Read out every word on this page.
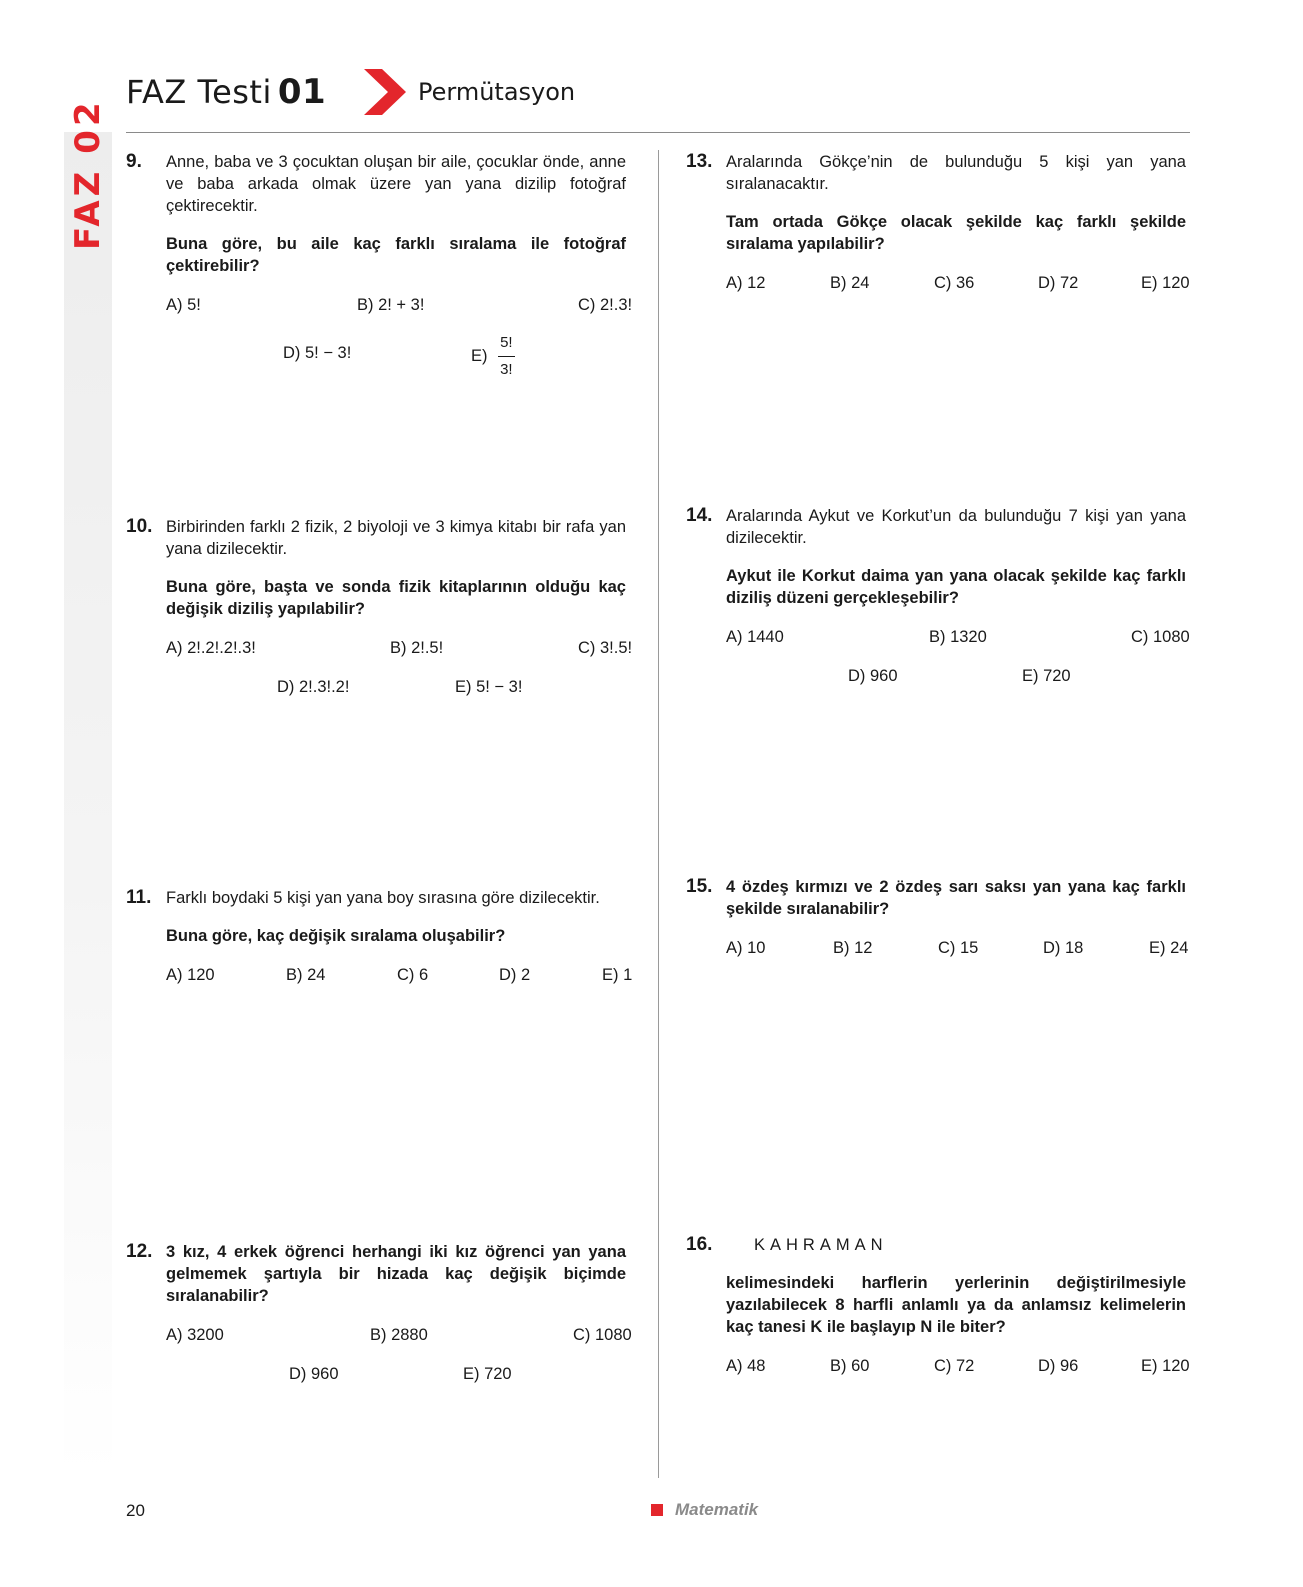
FAZ02
FAZ Testi 01	Permütasyon
9. Anne, baba ve 3 çocuktan oluşan bir aile, çocuklar önde, anne ve baba arkada olmak üzere yan yana dizilip fotoğraf çektirecektir.

Buna göre, bu aile kaç farklı sıralama ile fotoğraf çektirebilir?

A) 5!	B) 2! + 3!	C) 2!.3!
D) 5! − 3!	$E) \frac{5!}{3!}$
10. Birbirinden farklı 2 fizik, 2 biyoloji ve 3 kimya kitabı bir rafa yan yana dizilecektir.

Buna göre, başta ve sonda fizik kitaplarının olduğu kaç değişik diziliş yapılabilir?

A) 2!.2!.2!.3!	B) 2!.5!	C) 3!.5!
D) 2!.3!.2!	E) 5! − 3!
11. Farklı boydaki 5 kişi yan yana boy sırasına göre dizilecektir.

Buna göre, kaç değişik sıralama oluşabilir?

A) 120	B) 24	C) 6	D) 2	E) 1
12. 3 kız, 4 erkek öğrenci herhangi iki kız öğrenci yan yana gelmemek şartıyla bir hizada kaç değişik biçimde sıralanabilir?

A) 3200	B) 2880	C) 1080
D) 960	E) 720
13. Aralarında Gökçe’nin de bulunduğu 5 kişi yan yana sıralanacaktır.

Tam ortada Gökçe olacak şekilde kaç farklı şekilde sıralama yapılabilir?

A) 12	B) 24	C) 36	D) 72	E) 120
14. Aralarında Aykut ve Korkut’un da bulunduğu 7 kişi yan yana dizilecektir.

Aykut ile Korkut daima yan yana olacak şekilde kaç farklı diziliş düzeni gerçekleşebilir?

A) 1440	B) 1320	C) 1080
D) 960	E) 720
15. 4 özdeş kırmızı ve 2 özdeş sarı saksı yan yana kaç farklı şekilde sıralanabilir?

A) 10	B) 12	C) 15	D) 18	E) 24
16.	KAHRAMAN

kelimesindeki harflerin yerlerinin değiştirilmesiyle yazılabilecek 8 harfli anlamlı ya da anlamsız kelimelerin kaç tanesi K ile başlayıp N ile biter?

A) 48	B) 60	C) 72	D) 96	E) 120
20	Matematik
